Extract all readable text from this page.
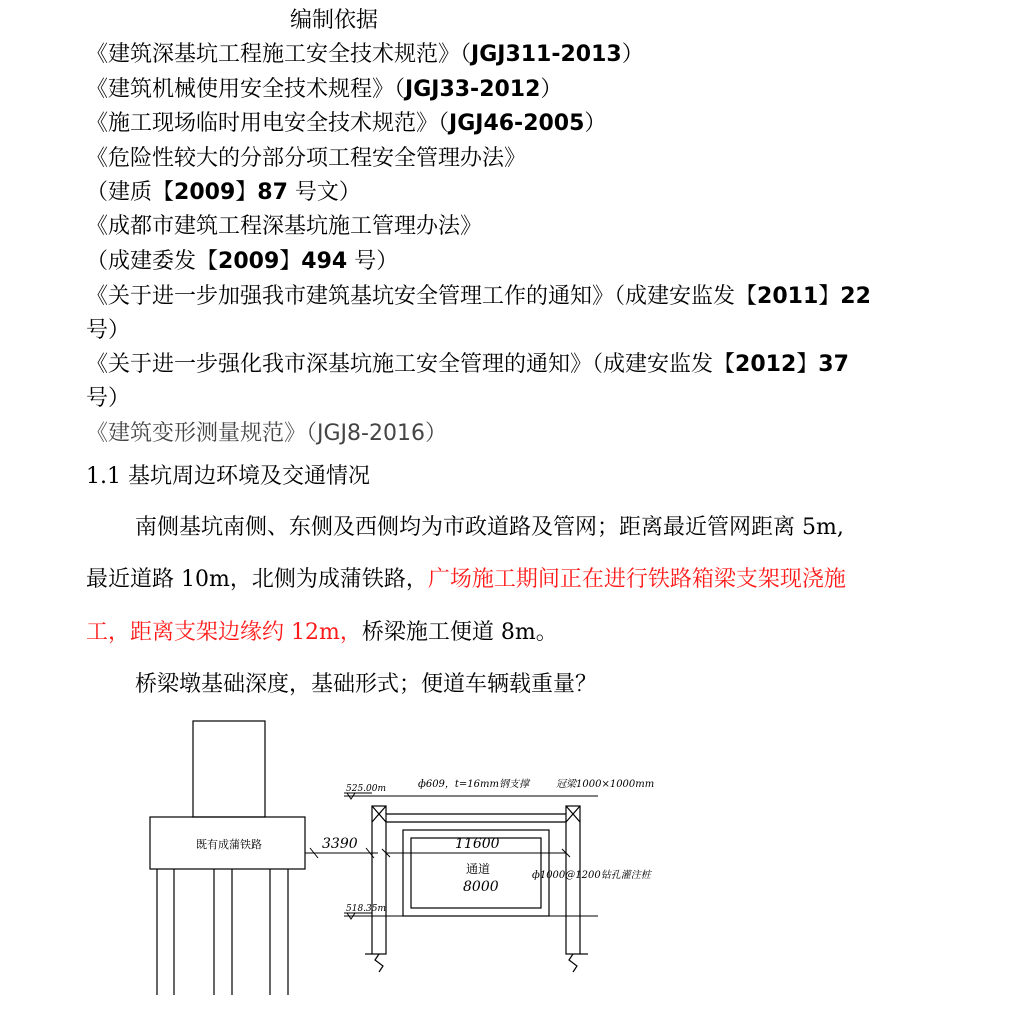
编制依据
《建筑深基坑工程施工安全技术规范》（JGJ311-2013）
《建筑机械使用安全技术规程》（JGJ33-2012）
《施工现场临时用电安全技术规范》（JGJ46-2005）
《危险性较大的分部分项工程安全管理办法》
（建质【2009】87 号文）
《成都市建筑工程深基坑施工管理办法》
（成建委发【2009】494 号）
《关于进一步加强我市建筑基坑安全管理工作的通知》（成建安监发【2011】22
号）
《关于进一步强化我市深基坑施工安全管理的通知》（成建安监发【2012】37
号）
《建筑变形测量规范》（JGJ8-2016）
1.1 基坑周边环境及交通情况
南侧基坑南侧、东侧及西侧均为市政道路及管网；距离最近管网距离 5m,
最近道路 10m，北侧为成蒲铁路，广场施工期间正在进行铁路箱梁支架现浇施
工，距离支架边缘约 12m，桥梁施工便道 8m。
桥梁墩基础深度，基础形式；便道车辆载重量？
既有成蒲铁路	3390
525.00m
518.35m
11600
通道
8000
ф609，t=16mm钢支撑	冠梁1000×1000mm
ф1000@1200钻孔灌注桩
